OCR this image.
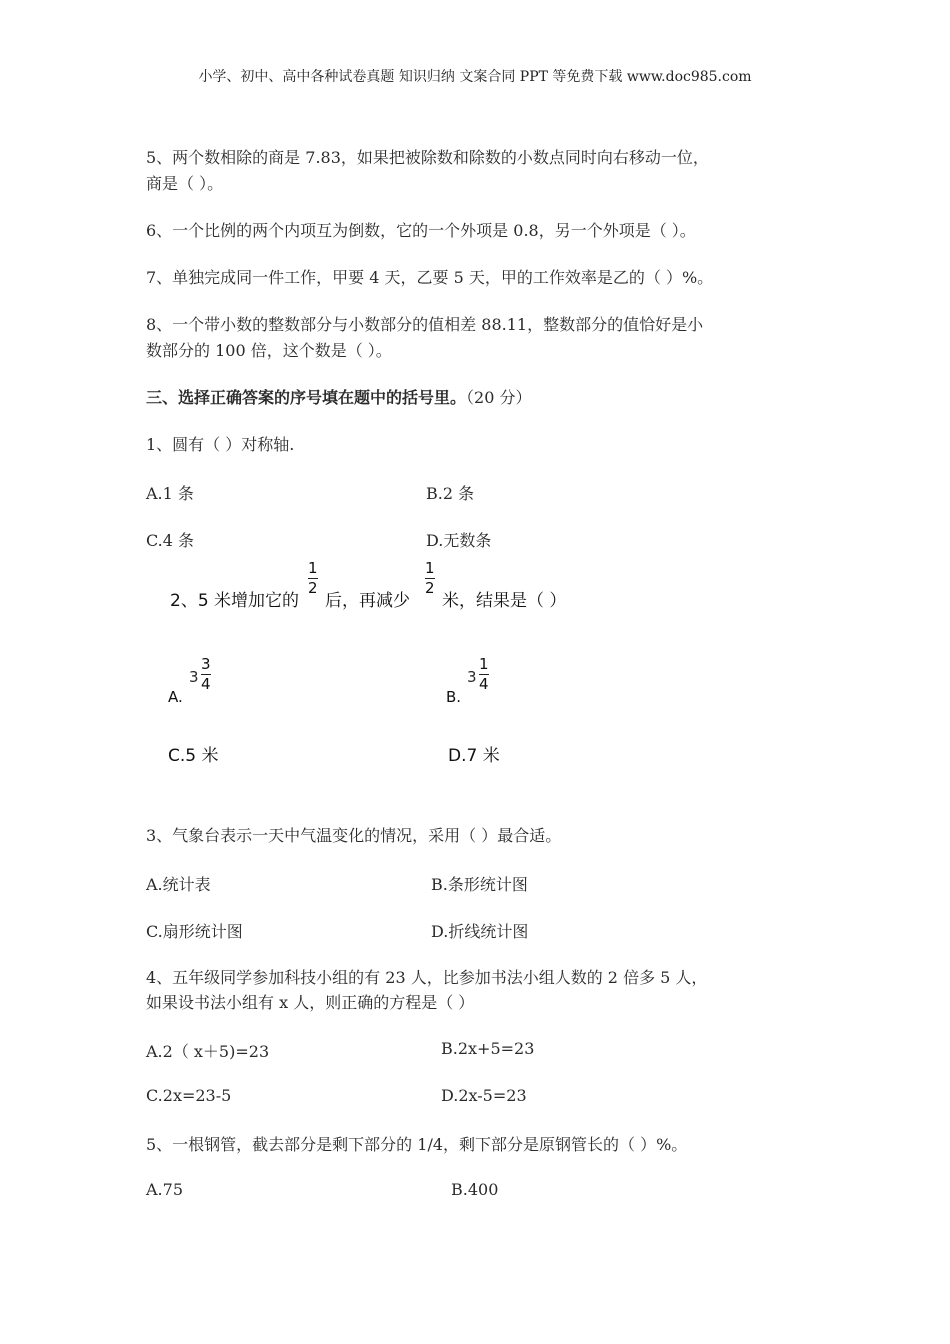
小学、初中、高中各种试卷真题 知识归纳 文案合同 PPT 等免费下载 www.doc985.com
5、两个数相除的商是 7.83，如果把被除数和除数的小数点同时向右移动一位，
商是（ ）。
6、一个比例的两个内项互为倒数，它的一个外项是 0.8，另一个外项是（ ）。
7、单独完成同一件工作，甲要 4 天，乙要 5 天，甲的工作效率是乙的（ ）%。
8、一个带小数的整数部分与小数部分的值相差 88.11，整数部分的值恰好是小
数部分的 100 倍，这个数是（ ）。
三、选择正确答案的序号填在题中的括号里。（20 分）
1、圆有（ ）对称轴.
A.1 条	B.2 条
C.4 条	D.无数条
2、5 米增加它的
1
2
后，再减少
1
2
米，结果是（ ）
A.
3
3
4
B.
3
1
4
C.5 米	D.7 米
3、气象台表示一天中气温变化的情况，采用（ ）最合适。
A.统计表	B.条形统计图
C.扇形统计图	D.折线统计图
4、五年级同学参加科技小组的有 23 人，比参加书法小组人数的 2 倍多 5 人，
如果设书法小组有 x 人，则正确的方程是（ ）
A.2（ x＋5)=23	B.2x+5=23
C.2x=23-5	D.2x-5=23
5、一根钢管，截去部分是剩下部分的 1/4，剩下部分是原钢管长的（ ）%。
A.75	B.400
